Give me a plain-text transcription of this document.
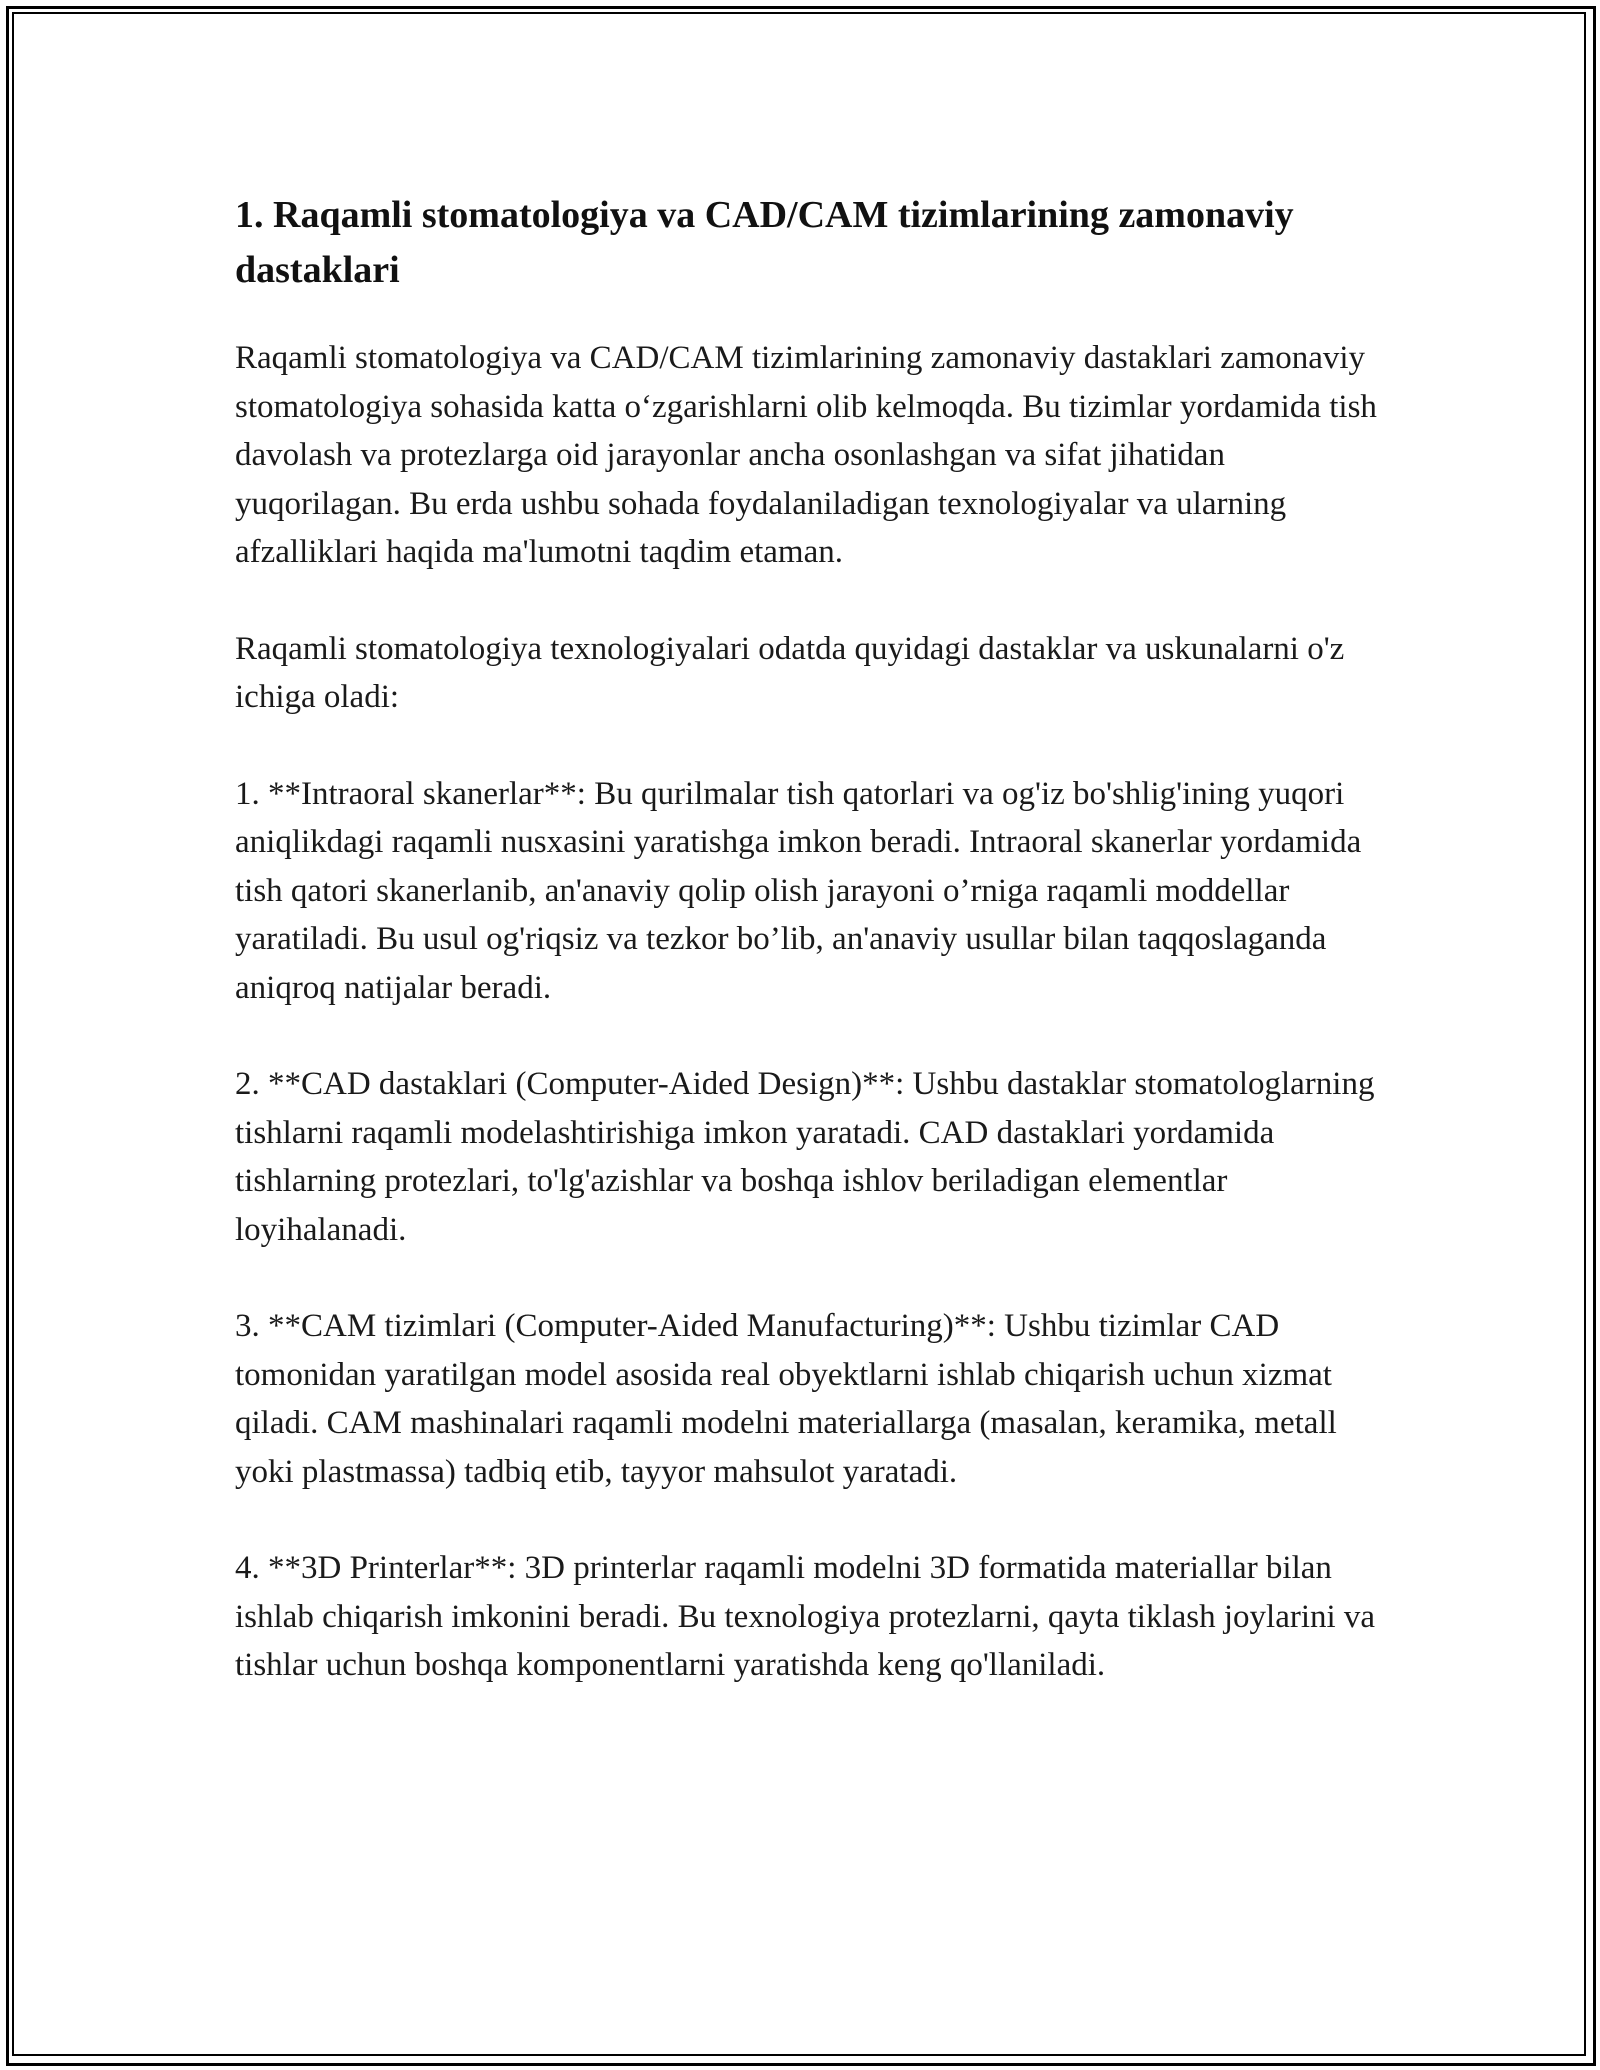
1. Raqamli stomatologiya va CAD/CAM tizimlarining zamonaviy dastaklari

Raqamli stomatologiya va CAD/CAM tizimlarining zamonaviy dastaklari zamonaviy stomatologiya sohasida katta o‘zgarishlarni olib kelmoqda. Bu tizimlar yordamida tish davolash va protezlarga oid jarayonlar ancha osonlashgan va sifat jihatidan yuqorilagan. Bu erda ushbu sohada foydalaniladigan texnologiyalar va ularning afzalliklari haqida ma'lumotni taqdim etaman.

Raqamli stomatologiya texnologiyalari odatda quyidagi dastaklar va uskunalarni o'z ichiga oladi:

1. **Intraoral skanerlar**: Bu qurilmalar tish qatorlari va og'iz bo'shlig'ining yuqori aniqlikdagi raqamli nusxasini yaratishga imkon beradi. Intraoral skanerlar yordamida tish qatori skanerlanib, an'anaviy qolip olish jarayoni o’rniga raqamli moddellar yaratiladi. Bu usul og'riqsiz va tezkor bo’lib, an'anaviy usullar bilan taqqoslaganda aniqroq natijalar beradi.

2. **CAD dastaklari (Computer-Aided Design)**: Ushbu dastaklar stomatologlarning tishlarni raqamli modelashtirishiga imkon yaratadi. CAD dastaklari yordamida tishlarning protezlari, to'lg'azishlar va boshqa ishlov beriladigan elementlar loyihalanadi.

3. **CAM tizimlari (Computer-Aided Manufacturing)**: Ushbu tizimlar CAD tomonidan yaratilgan model asosida real obyektlarni ishlab chiqarish uchun xizmat qiladi. CAM mashinalari raqamli modelni materiallarga (masalan, keramika, metall yoki plastmassa) tadbiq etib, tayyor mahsulot yaratadi.

4. **3D Printerlar**: 3D printerlar raqamli modelni 3D formatida materiallar bilan ishlab chiqarish imkonini beradi. Bu texnologiya protezlarni, qayta tiklash joylarini va tishlar uchun boshqa komponentlarni yaratishda keng qo'llaniladi.
